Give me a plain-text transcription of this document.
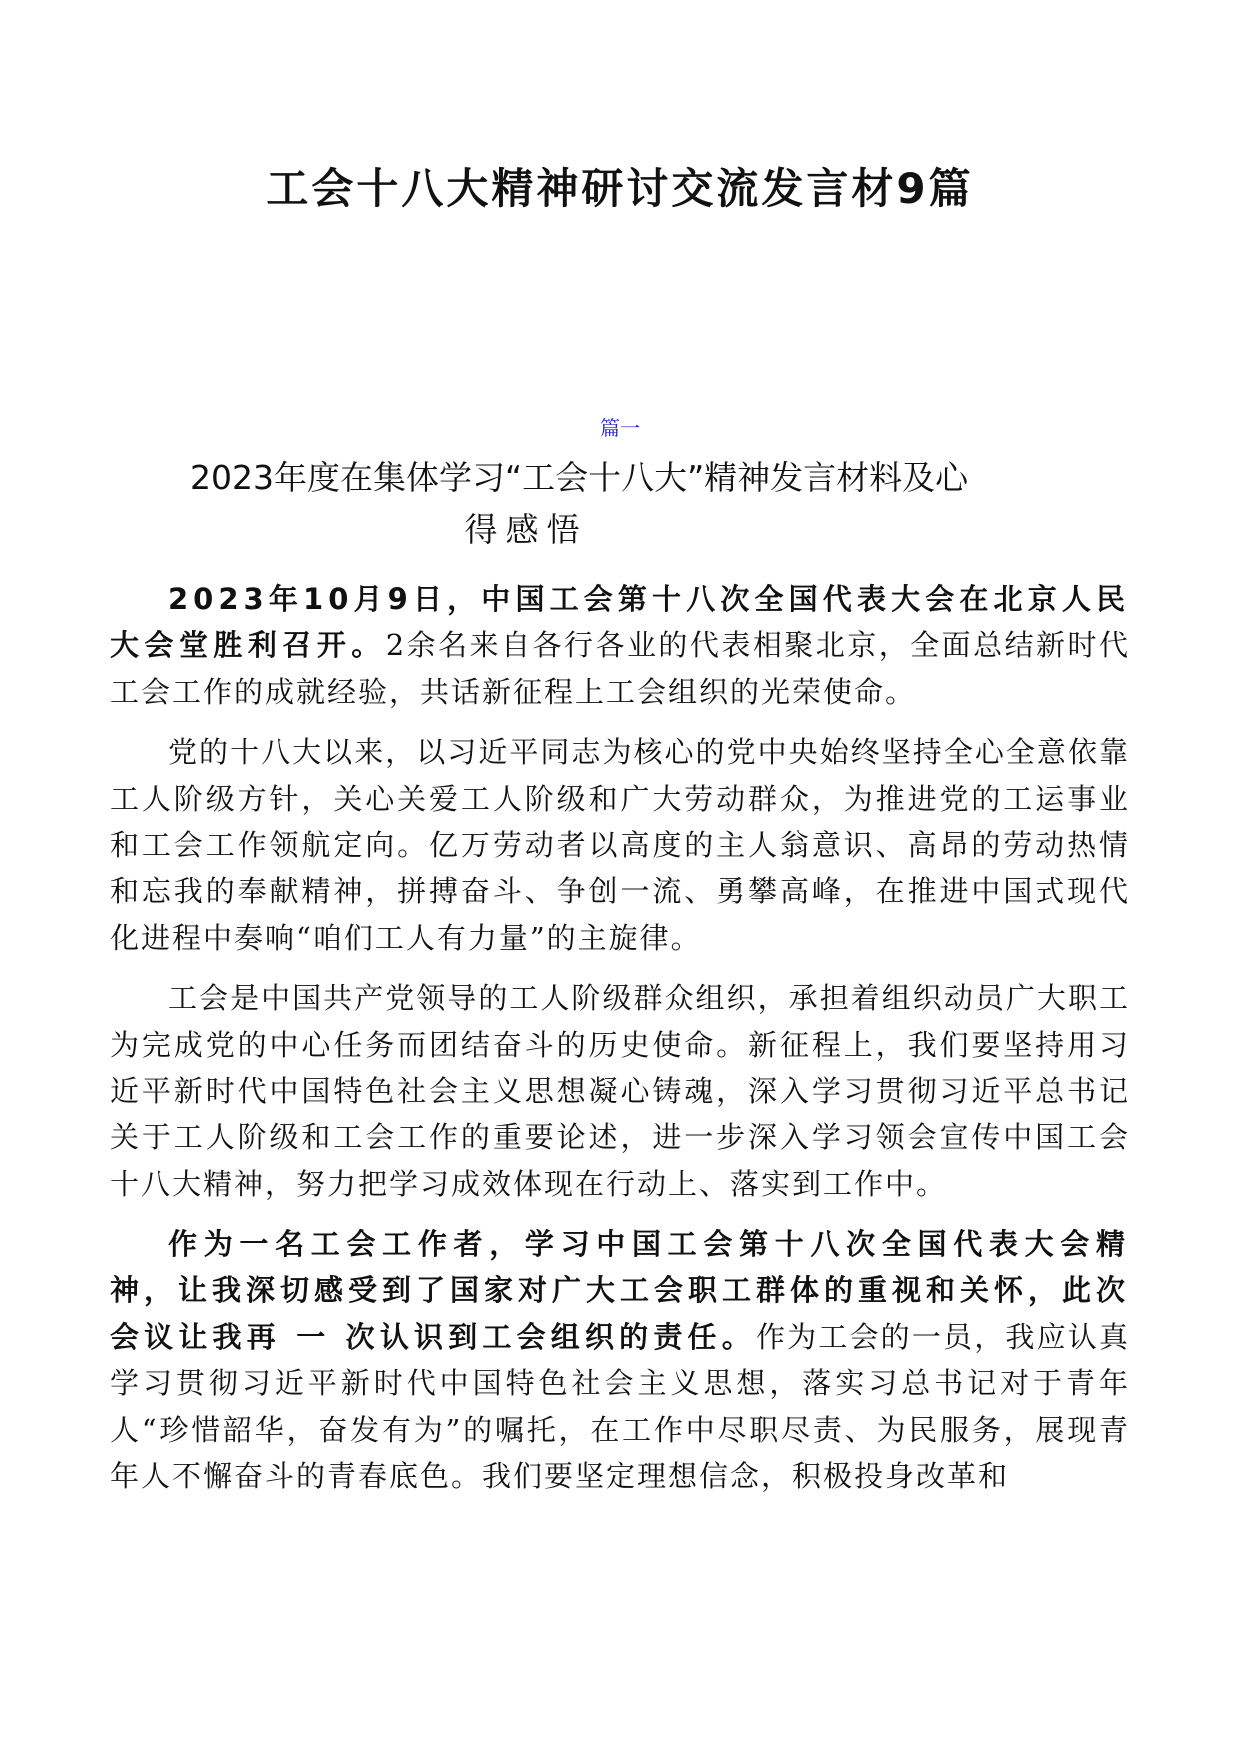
工会十八大精神研讨交流发言材9篇
篇一
2023年度在集体学习“工会十八大”精神发言材料及心
得感悟

2023年10月9日，中国工会第十八次全国代表大会在北京人民大会堂胜利召开。2余名来自各行各业的代表相聚北京，全面总结新时代工会工作的成就经验，共话新征程上工会组织的光荣使命。

党的十八大以来，以习近平同志为核心的党中央始终坚持全心全意依靠工人阶级方针，关心关爱工人阶级和广大劳动群众，为推进党的工运事业和工会工作领航定向。亿万劳动者以高度的主人翁意识、高昂的劳动热情和忘我的奉献精神，拼搏奋斗、争创一流、勇攀高峰，在推进中国式现代化进程中奏响“咱们工人有力量”的主旋律。

工会是中国共产党领导的工人阶级群众组织，承担着组织动员广大职工为完成党的中心任务而团结奋斗的历史使命。新征程上，我们要坚持用习近平新时代中国特色社会主义思想凝心铸魂，深入学习贯彻习近平总书记关于工人阶级和工会工作的重要论述，进一步深入学习领会宣传中国工会十八大精神，努力把学习成效体现在行动上、落实到工作中。

作为一名工会工作者，学习中国工会第十八次全国代表大会精神，让我深切感受到了国家对广大工会职工群体的重视和关怀，此次会议让我再 一 次认识到工会组织的责任。作为工会的一员，我应认真学习贯彻习近平新时代中国特色社会主义思想，落实习总书记对于青年人“珍惜韶华，奋发有为”的嘱托，在工作中尽职尽责、为民服务，展现青年人不懈奋斗的青春底色。我们要坚定理想信念，积极投身改革和
